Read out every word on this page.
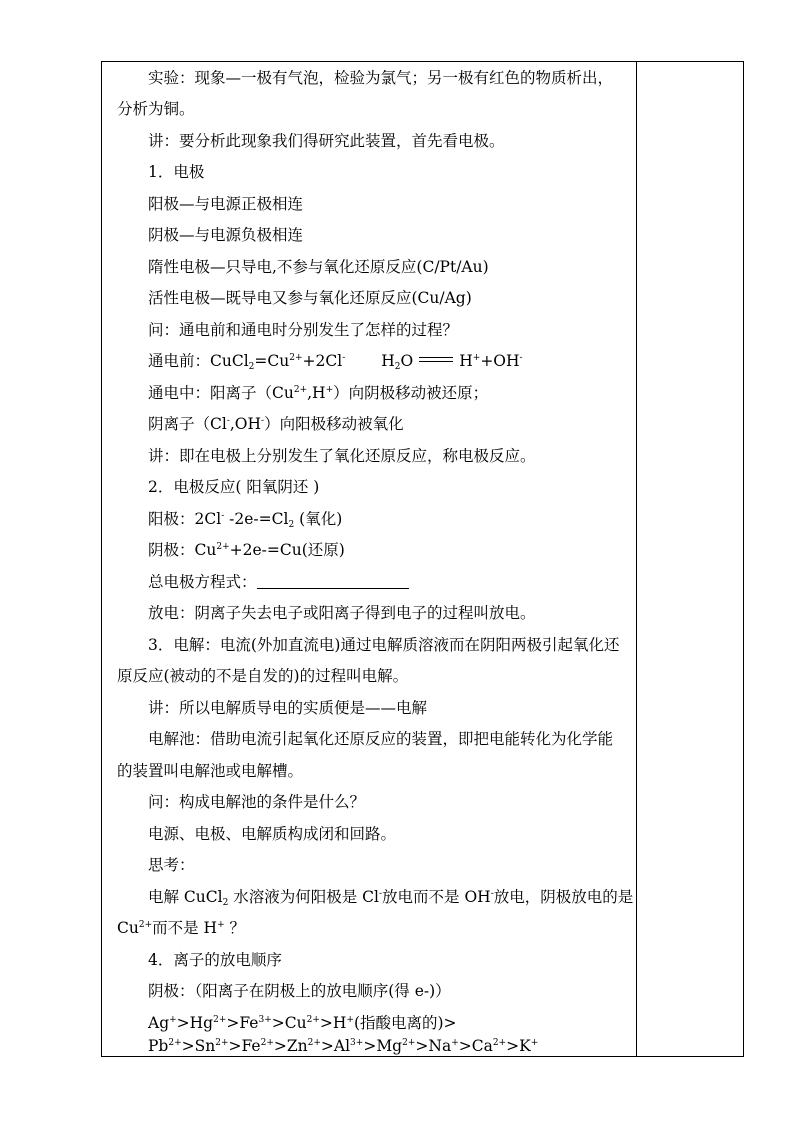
实验：现象—一极有气泡，检验为氯气；另一极有红色的物质析出，
分析为铜。
讲：要分析此现象我们得研究此装置，首先看电极。
1．电极
阳极—与电源正极相连
阴极—与电源负极相连
隋性电极—只导电,不参与氧化还原反应(C/Pt/Au)
活性电极—既导电又参与氧化还原反应(Cu/Ag)
问：通电前和通电时分别发生了怎样的过程？
通电前：$CuCl_2=Cu^{2+}+2Cl^-$ $H_2O$	H++OH-
通电中：阳离子$(Cu^{2+},H^+)$向阴极移动被还原；
阴离子（Cl-,OH-）向阳极移动被氧化
讲：即在电极上分别发生了氧化还原反应，称电极反应。
2．电极反应( 阳氧阴还 )
阳极：2Cl- $-2e-=Cl_2$ (氧化)
阴极：$Cu^{2+}+2e-=Cu$(还原)
总电极方程式：
放电：阴离子失去电子或阳离子得到电子的过程叫放电。
3．电解：电流(外加直流电)通过电解质溶液而在阴阳两极引起氧化还
原反应(被动的不是自发的)的过程叫电解。
讲：所以电解质导电的实质便是——电解
电解池：借助电流引起氧化还原反应的装置，即把电能转化为化学能
的装置叫电解池或电解槽。
问：构成电解池的条件是什么？
电源、电极、电解质构成闭和回路。
思考：
电解 CuCl$_2$ 水溶液为何阳极是 Cl-放电而不是 OH-放电，阴极放电的是
$Cu^{2+}$而不是 H+ ？
4．离子的放电顺序
阴极：（阳离子在阴极上的放电顺序(得 e-)）
$Ag^+>Hg^{2+}>Fe^{3+}>Cu^{2+}>H^+$(指酸电离的)>
$Pb^{2+}>Sn^{2+}>Fe^{2+}>Zn^{2+}>Al^{3+}>Mg^{2+}>Na^+>Ca^{2+}>K^+$
